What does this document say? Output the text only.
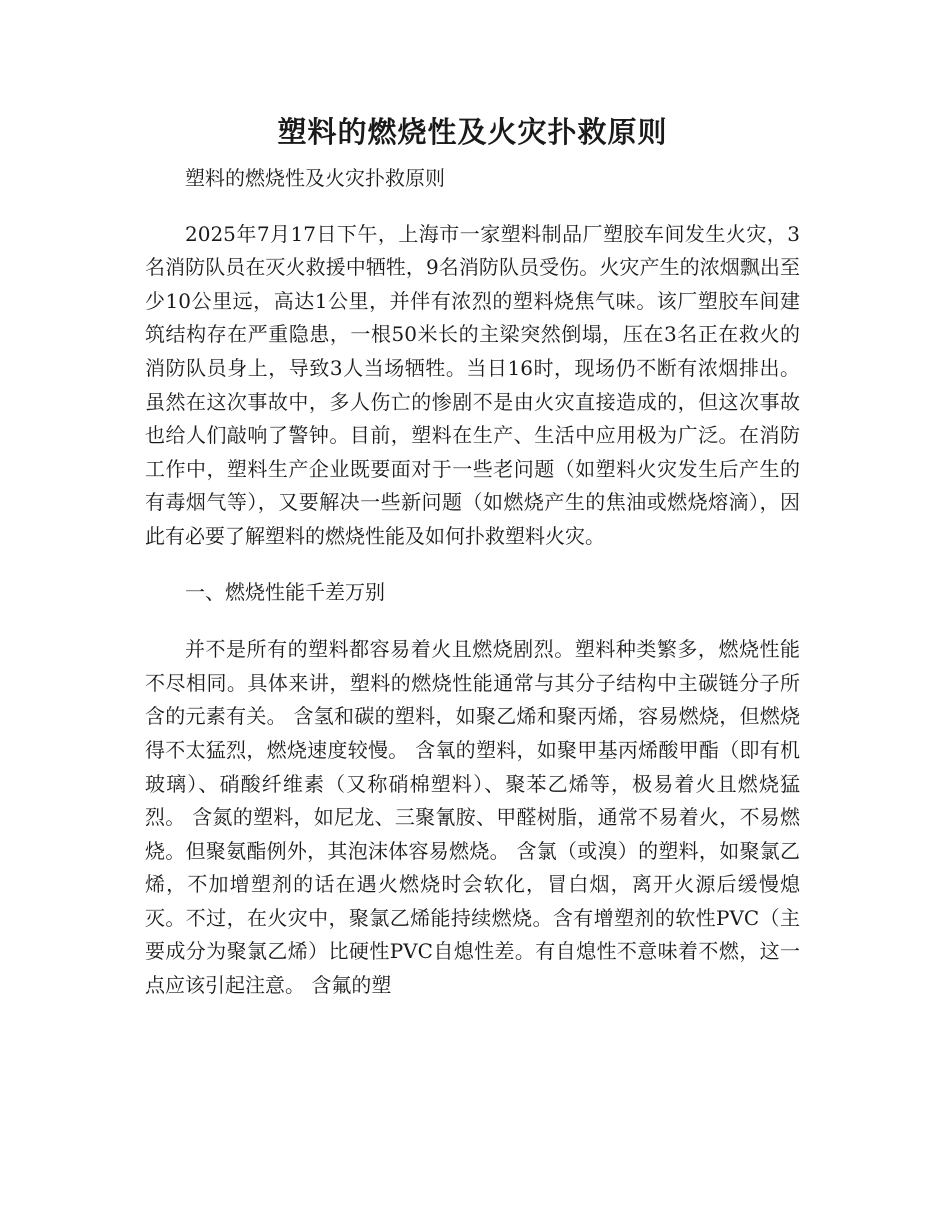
塑料的燃烧性及火灾扑救原则

塑料的燃烧性及火灾扑救原则

2025年7月17日下午，上海市一家塑料制品厂塑胶车间发生火灾，3名消防队员在灭火救援中牺牲，9名消防队员受伤。火灾产生的浓烟飘出至少10公里远，高达1公里，并伴有浓烈的塑料烧焦气味。该厂塑胶车间建筑结构存在严重隐患，一根50米长的主梁突然倒塌，压在3名正在救火的消防队员身上，导致3人当场牺牲。当日16时，现场仍不断有浓烟排出。虽然在这次事故中，多人伤亡的惨剧不是由火灾直接造成的，但这次事故也给人们敲响了警钟。目前，塑料在生产、生活中应用极为广泛。在消防工作中，塑料生产企业既要面对于一些老问题（如塑料火灾发生后产生的有毒烟气等），又要解决一些新问题（如燃烧产生的焦油或燃烧熔滴），因此有必要了解塑料的燃烧性能及如何扑救塑料火灾。

一、燃烧性能千差万别

并不是所有的塑料都容易着火且燃烧剧烈。塑料种类繁多，燃烧性能不尽相同。具体来讲，塑料的燃烧性能通常与其分子结构中主碳链分子所含的元素有关。 含氢和碳的塑料，如聚乙烯和聚丙烯，容易燃烧，但燃烧得不太猛烈，燃烧速度较慢。 含氧的塑料，如聚甲基丙烯酸甲酯（即有机玻璃）、硝酸纤维素（又称硝棉塑料）、聚苯乙烯等，极易着火且燃烧猛烈。 含氮的塑料，如尼龙、三聚氰胺、甲醛树脂，通常不易着火，不易燃烧。但聚氨酯例外，其泡沫体容易燃烧。 含氯（或溴）的塑料，如聚氯乙烯，不加增塑剂的话在遇火燃烧时会软化，冒白烟，离开火源后缓慢熄灭。不过，在火灾中，聚氯乙烯能持续燃烧。含有增塑剂的软性PVC（主要成分为聚氯乙烯）比硬性PVC自熄性差。有自熄性不意味着不燃，这一点应该引起注意。 含氟的塑
